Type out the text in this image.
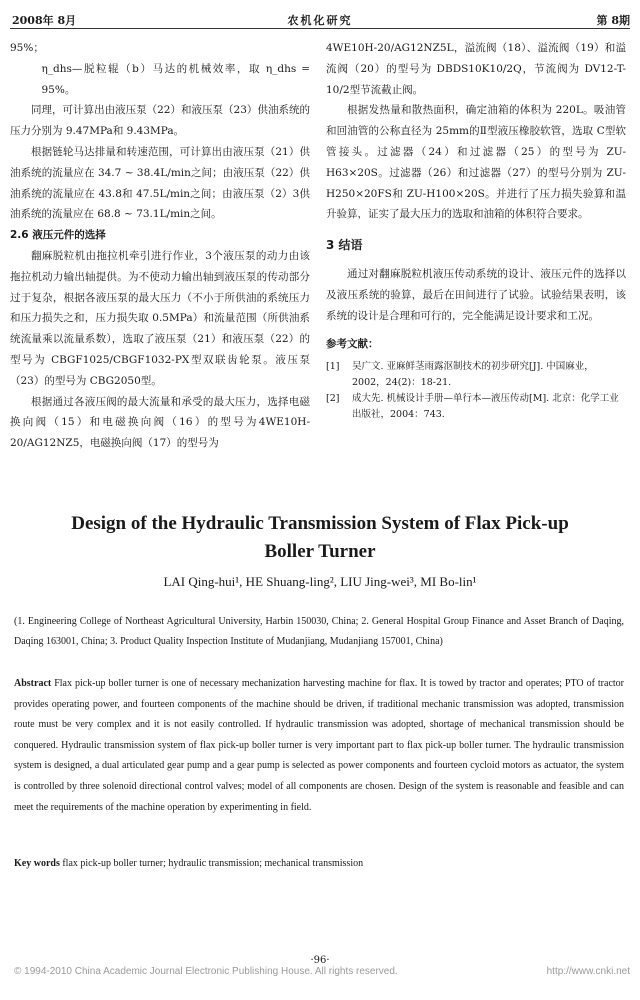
2008年 8月	农机化研究	第 8期

95%；

η_dhs—脱粒辊（b）马达的机械效率，取 η_dhs = 95%。

同理，可计算出由液压泵（22）和液压泵（23）供油系统的压力分别为 9.47MPa和 9.43MPa。

根据链轮马达排量和转速范围，可计算出由液压泵（21）供油系统的流量应在 34.7 ~ 38.4L/min之间；由液压泵（22）供油系统的流量应在 43.8和 47.5L/min之间；由液压泵（2）3供油系统的流量应在 68.8 ~ 73.1L/min之间。

2.6 液压元件的选择

翻麻脱粒机由拖拉机牵引进行作业，3个液压泵的动力由该拖拉机动力输出轴提供。为不使动力输出轴到液压泵的传动部分过于复杂，根据各液压泵的最大压力（不小于所供油的系统压力和压力损失之和，压力损失取 0.5MPa）和流量范围（所供油系统流量乘以流量系数），选取了液压泵（21）和液压泵（22）的型号为 CBGF1025/CBGF1032-PX型双联齿轮泵。液压泵（23）的型号为 CBG2050型。

根据通过各液压阀的最大流量和承受的最大压力，选择电磁换向阀（15）和电磁换向阀（16）的型号为4WE10H-20/AG12NZ5，电磁换向阀（17）的型号为

4WE10H-20/AG12NZ5L，溢流阀（18）、溢流阀（19）和溢流阀（20）的型号为 DBDS10K10/2Q，节流阀为 DV12-T-10/2型节流截止阀。

根据发热量和散热面积，确定油箱的体积为 220L。吸油管和回油管的公称直径为 25mm的Ⅱ型液压橡胶软管，选取 C型软管接头。过滤器（24）和过滤器（25）的型号为 ZU-H63×20S。过滤器（26）和过滤器（27）的型号分别为 ZU-H250×20FS和 ZU-H100×20S。并进行了压力损失验算和温升验算，证实了最大压力的选取和油箱的体积符合要求。

3 结语

通过对翻麻脱粒机液压传动系统的设计、液压元件的选择以及液压系统的验算，最后在田间进行了试验。试验结果表明，该系统的设计是合理和可行的，完全能满足设计要求和工况。

参考文献：

[1]	吴广文. 亚麻鲜茎雨露沤制技术的初步研究[J]. 中国麻业，2002，24(2)：18-21.
[2]	成大先. 机械设计手册—单行本—液压传动[M]. 北京：化学工业出版社，2004：743.
Design of the Hydraulic Transmission System of Flax Pick-up
Boller Turner
LAI Qing-hui¹, HE Shuang-ling², LIU Jing-wei³, MI Bo-lin¹
(1. Engineering College of Northeast Agricultural University, Harbin 150030, China; 2. General Hospital Group Finance and Asset Branch of Daqing, Daqing 163001, China; 3. Product Quality Inspection Institute of Mudanjiang, Mudanjiang 157001, China)
Abstract Flax pick-up boller turner is one of necessary mechanization harvesting machine for flax. It is towed by tractor and operates; PTO of tractor provides operating power, and fourteen components of the machine should be driven, if traditional mechanic transmission was adopted, transmission route must be very complex and it is not easily controlled. If hydraulic transmission was adopted, shortage of mechanical transmission should be conquered. Hydraulic transmission system of flax pick-up boller turner is very important part to flax pick-up boller turner. The hydraulic transmission system is designed, a dual articulated gear pump and a gear pump is selected as power components and fourteen cycloid motors as actuator, the system is controlled by three solenoid directional control valves; model of all components are chosen. Design of the system is reasonable and feasible and can meet the requirements of the machine operation by experimenting in field.
Key words flax pick-up boller turner; hydraulic transmission; mechanical transmission
·96·
© 1994-2010 China Academic Journal Electronic Publishing House. All rights reserved.	http://www.cnki.net
